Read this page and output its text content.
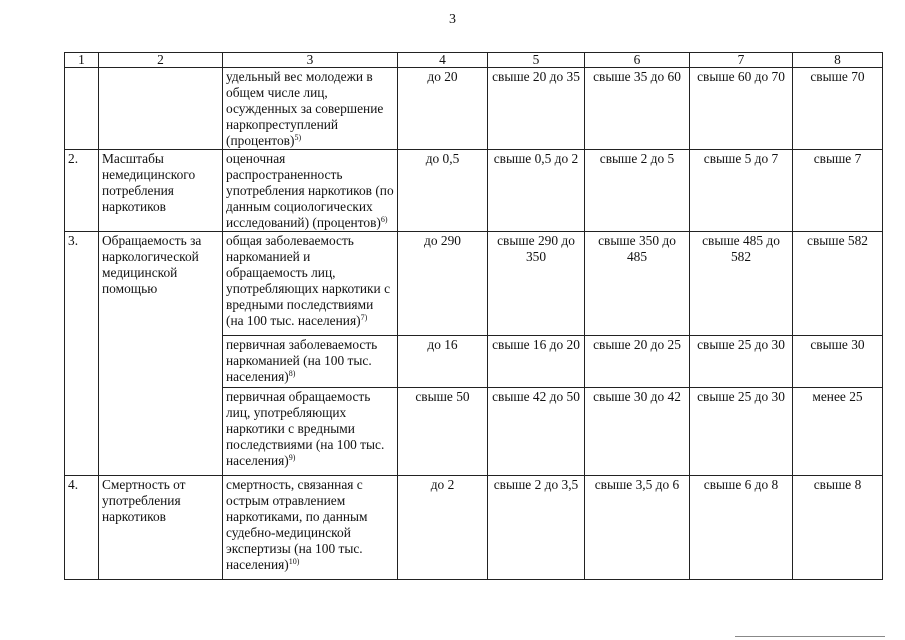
3
1	2	3	4	5	6	7	8
		удельный вес молодежи в общем числе лиц, осужденных за совершение наркопреступлений (процентов)$^{5)}$	до 20	свыше 20 до 35	свыше 35 до 60	свыше 60 до 70	свыше 70
2.	Масштабы немедицинского потребления наркотиков	оценочная распространенность употребления наркотиков (по данным социологических исследований) (процентов)$^{6)}$	до 0,5	свыше 0,5 до 2	свыше 2 до 5	свыше 5 до 7	свыше 7
3.	Обращаемость за наркологической медицинской помощью	общая заболеваемость наркоманией и обращаемость лиц, употребляющих наркотики с вредными последствиями (на 100 тыс. населения)$^{7)}$	до 290	свыше 290 до 350	свыше 350 до 485	свыше 485 до 582	свыше 582
		первичная заболеваемость наркоманией (на 100 тыс. населения)$^{8)}$	до 16	свыше 16 до 20	свыше 20 до 25	свыше 25 до 30	свыше 30
		первичная обращаемость лиц, употребляющих наркотики с вредными последствиями (на 100 тыс. населения)$^{9)}$	свыше 50	свыше 42 до 50	свыше 30 до 42	свыше 25 до 30	менее 25
4.	Смертность от употребления наркотиков	смертность, связанная с острым отравлением наркотиками, по данным судебно-медицинской экспертизы (на 100 тыс. населения)$^{10)}$	до 2	свыше 2 до 3,5	свыше 3,5 до 6	свыше 6 до 8	свыше 8
